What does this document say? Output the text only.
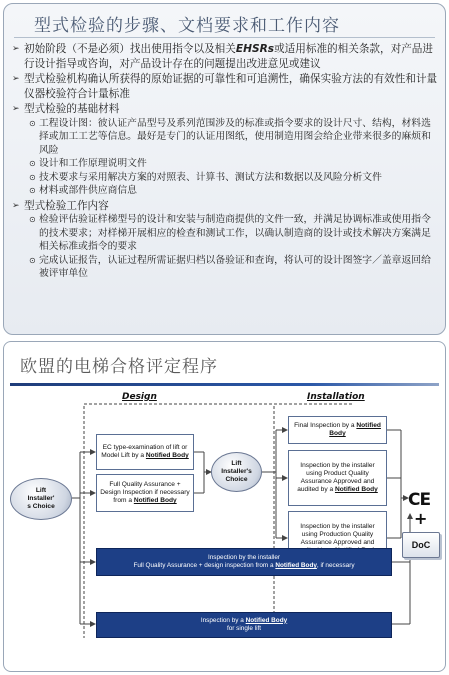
型式检验的步骤、文档要求和工作内容
➢ 初始阶段（不是必须）找出使用指令以及相关EHSRs或适用标准的相关条款，对产品进行设计指导或咨询，对产品设计存在的问题提出改进意见或建议
➢ 型式检验机构确认所获得的原始证据的可靠性和可追溯性，确保实验方法的有效性和计量仪器校验符合计量标准
➢ 型式检验的基础材料
⊙ 工程设计图：彼认证产品型号及系列范围涉及的标准或指令要求的设计尺寸、结构，材料选择或加工工艺等信息。最好是专门的认证用图纸，使用制造用图会给企业带来很多的麻烦和风险
⊙ 设计和工作原理说明文件
⊙ 技术要求与采用解决方案的对照表、计算书、测试方法和数据以及风险分析文件
⊙ 材料或部件供应商信息
➢ 型式检验工作内容
⊙ 检验评估验证样梯型号的设计和安装与制造商提供的文件一致，并满足协调标准或使用指令的技术要求；对样梯开展相应的检查和测试工作，以确认制造商的设计或技术解决方案满足相关标准或指令的要求
⊙ 完成认证报告，认证过程所需证据归档以备验证和查询，将认可的设计图签字／盖章返回给被评审单位
欧盟的电梯合格评定程序
Design	Installation
Lift
Installer'
s Choice
EC type-examination of lift or Model Lift by a Notified Body
Full Quality Assurance + Design Inspection if necessary from a Notified Body
Lift
Installer's
Choice
Final Inspection by a Notified Body
Inspection by the installer using Product Quality Assurance Approved and audited by a Notified Body
Inspection by the installer using Production Quality Assurance Approved and
Inspection by the installer
Full Quality Assurance + design inspection from a Notified Body, if necessary
Inspection by a Notified Body
for single lift
CE
+
DoC
